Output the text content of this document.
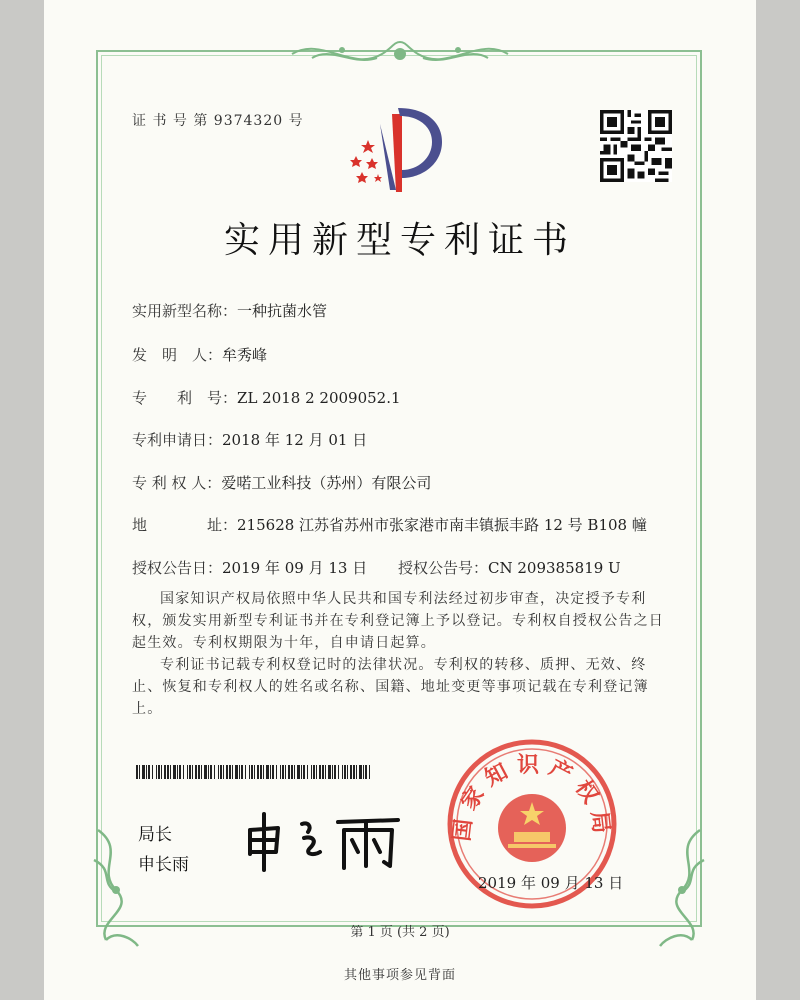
证 书 号 第 9374320 号
实用新型专利证书
实用新型名称：一种抗菌水管
发　明　人：牟秀峰
专　　利　号：ZL 2018 2 2009052.1
专利申请日：2018 年 12 月 01 日
专 利 权 人：爱喏工业科技（苏州）有限公司
地　　　　址：215628 江苏省苏州市张家港市南丰镇振丰路 12 号 B108 幢
授权公告日：2019 年 09 月 13 日 授权公告号：CN 209385819 U
国家知识产权局依照中华人民共和国专利法经过初步审查，决定授予专利权，颁发实用新型专利证书并在专利登记簿上予以登记。专利权自授权公告之日起生效。专利权期限为十年，自申请日起算。
专利证书记载专利权登记时的法律状况。专利权的转移、质押、无效、终止、恢复和专利权人的姓名或名称、国籍、地址变更等事项记载在专利登记簿上。
局长
申长雨
国家知识产权局
2019 年 09 月 13 日
第 1 页 (共 2 页)
其他事项参见背面
